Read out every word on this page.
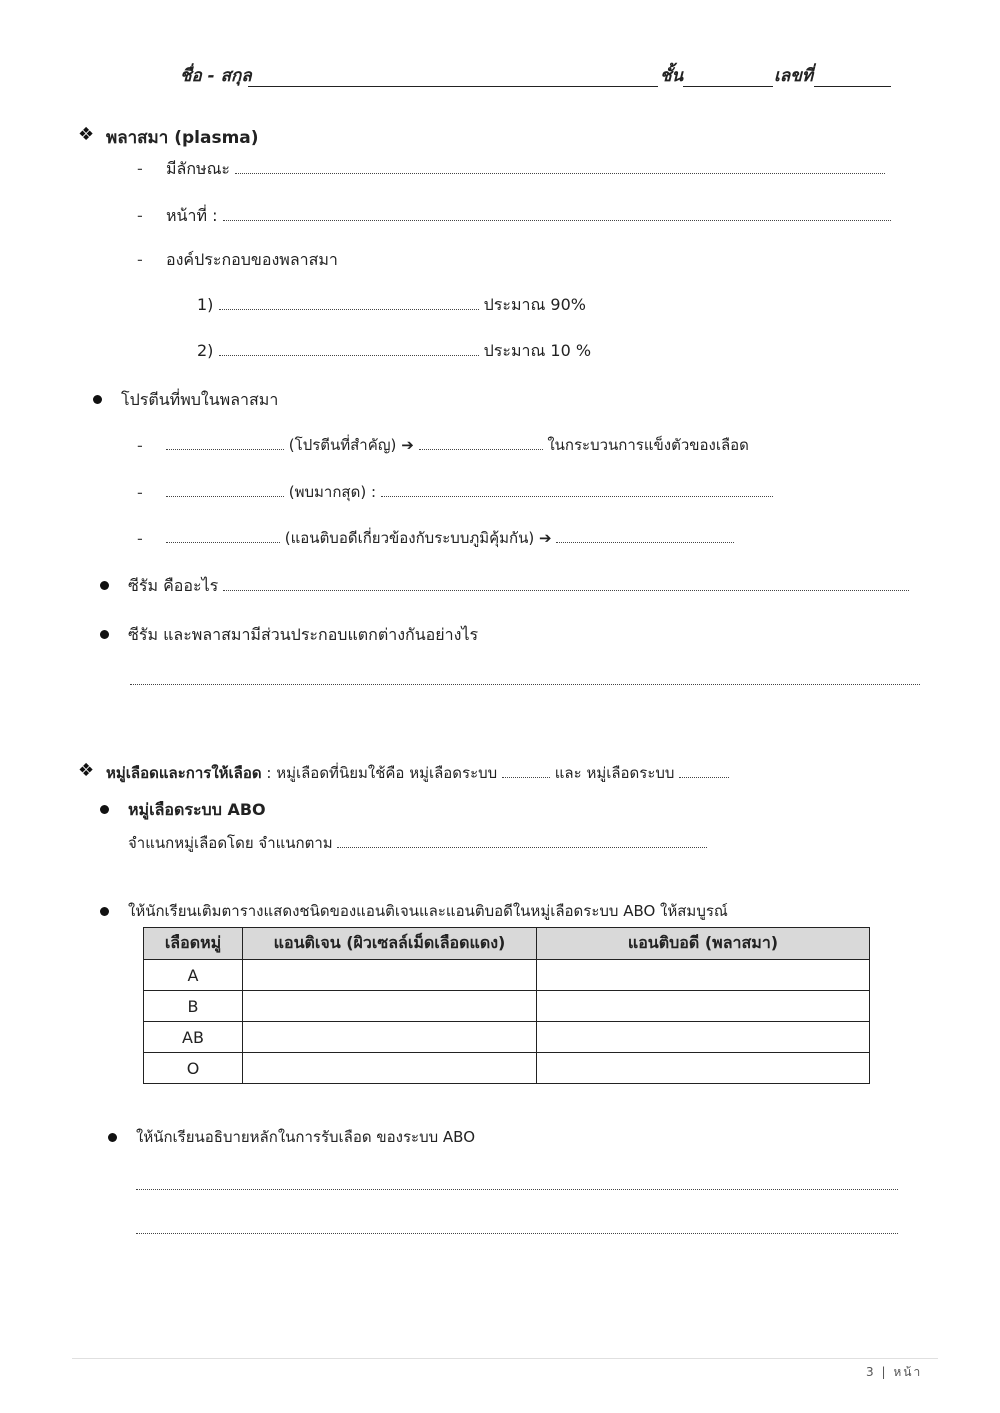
ชื่อ - สกุล	ชั้น	เลขที่
❖ พลาสมา (plasma)
- มีลักษณะ
- หน้าที่ :
- องค์ประกอบของพลาสมา
1)	ประมาณ 90%
2)	ประมาณ 10 %
โปรตีนที่พบในพลาสมา
-	(โปรตีนที่สำคัญ) ➔	ในกระบวนการแข็งตัวของเลือด
-	(พบมากสุด) :
-	(แอนติบอดีเกี่ยวข้องกับระบบภูมิคุ้มกัน) ➔
ซีรัม คืออะไร
ซีรัม และพลาสมามีส่วนประกอบแตกต่างกันอย่างไร
❖ หมู่เลือดและการให้เลือด : หมู่เลือดที่นิยมใช้คือ หมู่เลือดระบบ	และ หมู่เลือดระบบ
หมู่เลือดระบบ ABO
จำแนกหมู่เลือดโดย จำแนกตาม
ให้นักเรียนเติมตารางแสดงชนิดของแอนติเจนและแอนติบอดีในหมู่เลือดระบบ ABO ให้สมบูรณ์
เลือดหมู่	แอนติเจน (ผิวเซลล์เม็ดเลือดแดง)	แอนติบอดี (พลาสมา)
A		
B		
AB		
O		
ให้นักเรียนอธิบายหลักในการรับเลือด ของระบบ ABO
3 | หน้า
